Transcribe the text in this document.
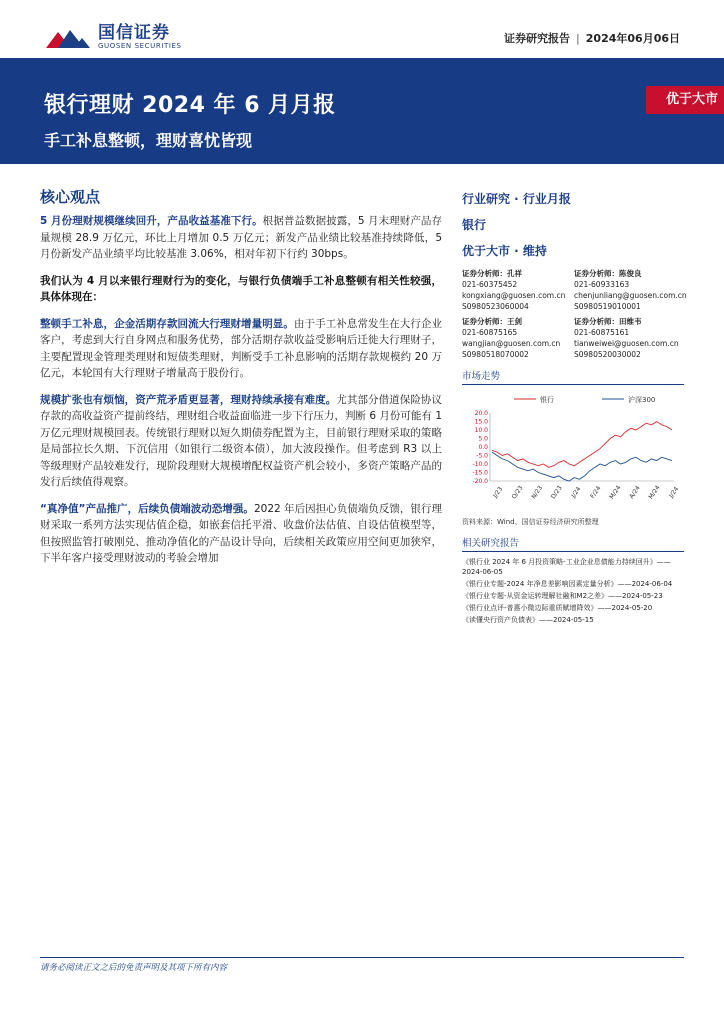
国信证券
GUOSEN SECURITIES
证券研究报告 | 2024年06月06日
银行理财 2024 年 6 月月报
手工补息整顿，理财喜忧皆现
优于大市
核心观点

5 月份理财规模继续回升，产品收益基准下行。根据普益数据披露，5 月末理财产品存量规模 28.9 万亿元，环比上月增加 0.5 万亿元；新发产品业绩比较基准持续降低，5 月份新发产品业绩平均比较基准 3.06%，相对年初下行约 30bps。

我们认为 4 月以来银行理财行为的变化，与银行负债端手工补息整顿有相关性较强，具体体现在：

整顿手工补息，企金活期存款回流大行理财增量明显。由于手工补息常发生在大行企业客户，考虑到大行自身网点和服务优势，部分活期存款收益受影响后迁徙大行理财子，主要配置现金管理类理财和短债类理财，判断受手工补息影响的活期存款规模约 20 万亿元，本轮国有大行理财子增量高于股份行。

规模扩张也有烦恼，资产荒矛盾更显著，理财持续承接有难度。尤其部分借道保险协议存款的高收益资产提前终结，理财组合收益面临进一步下行压力，判断 6 月份可能有 1 万亿元理财规模回表。传统银行理财以短久期债券配置为主，目前银行理财采取的策略是局部拉长久期、下沉信用（如银行二级资本债），加大波段操作。但考虑到 R3 以上等级理财产品较难发行，现阶段理财大规模增配权益资产机会较小，多资产策略产品的发行后续值得观察。

“真净值”产品推广，后续负债端波动恐增强。2022 年后因担心负债端负反馈，银行理财采取一系列方法实现估值企稳，如嵌套信托平滑、收盘价法估值、自设估值模型等，但按照监管打破刚兑、推动净值化的产品设计导向，后续相关政策应用空间更加狭窄，下半年客户接受理财波动的考验会增加

行业研究 · 行业月报
银行
优于大市 · 维持
证券分析师：孔祥
021-60375452
kongxiang@guosen.com.cn
S0980523060004
证券分析师：陈俊良
021-60933163
chenjunliang@guosen.com.cn
S0980519010001
证券分析师：王剑
021-60875165
wangjian@guosen.com.cn
S0980518070002
证券分析师：田维韦
021-60875161
tianweiwei@guosen.com.cn
S0980520030002
市场走势
银行	沪深300
20.0
15.0
10.0
5.0
0.0
-5.0
-10.0
-15.0
-20.0
J/23 O/23 N/23 D/23 J/24 F/24 M/24 A/24 M/24 J/24
资料来源：Wind、国信证券经济研究所整理
相关研究报告
《银行业 2024 年 6 月投资策略-工业企业息债能力持续回升》——2024-06-05
《银行业专题-2024 年净息差影响因素定量分析》——2024-06-04
《银行业专题-从资金运转理解社融和M2之差》——2024-05-23
《银行业点评-普惠小微边际重质赋增降效》——2024-05-20
《读懂央行资产负债表》——2024-05-15
请务必阅读正文之后的免责声明及其项下所有内容
